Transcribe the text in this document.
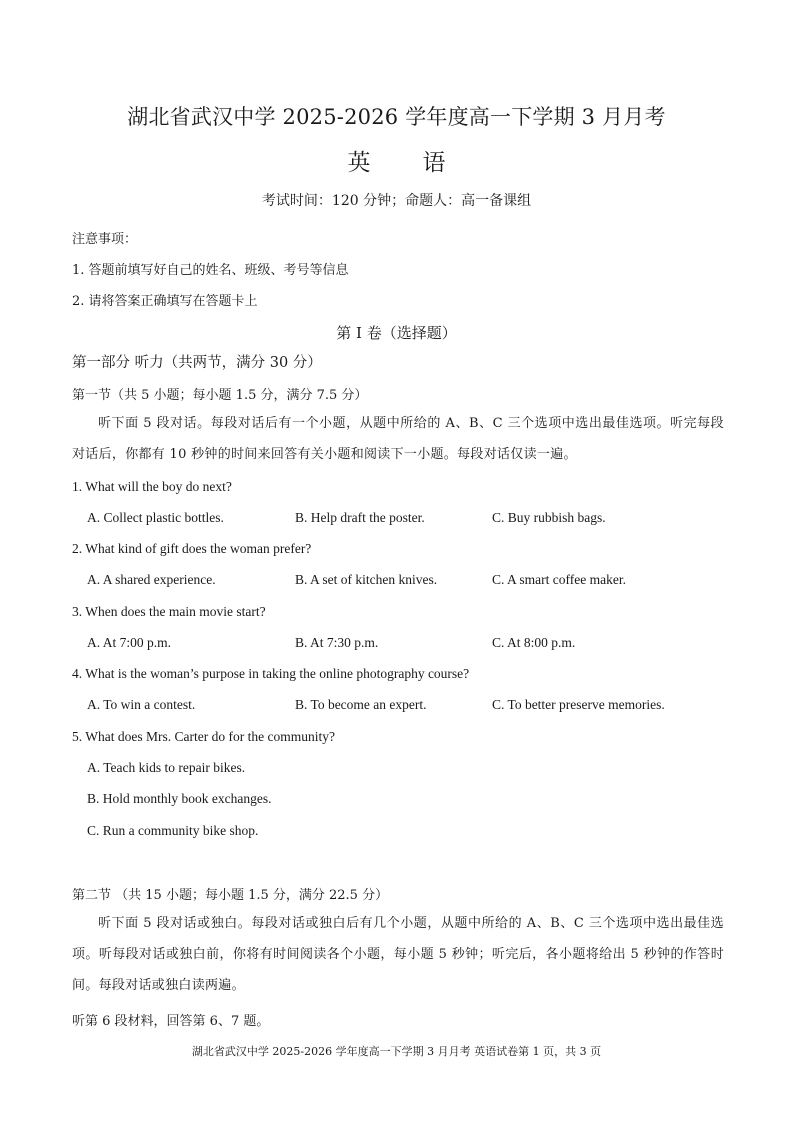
湖北省武汉中学 2025-2026 学年度高一下学期 3 月月考
英 语
考试时间：120 分钟；命题人：高一备课组
注意事项：
1. 答题前填写好自己的姓名、班级、考号等信息
2. 请将答案正确填写在答题卡上
第 I 卷（选择题）
第一部分 听力（共两节，满分 30 分）
第一节（共 5 小题；每小题 1.5 分，满分 7.5 分）
听下面 5 段对话。每段对话后有一个小题，从题中所给的 A、B、C 三个选项中选出最佳选项。听完每段对话后，你都有 10 秒钟的时间来回答有关小题和阅读下一小题。每段对话仅读一遍。
1. What will the boy do next?
A. Collect plastic bottles.	B. Help draft the poster.	C. Buy rubbish bags.
2. What kind of gift does the woman prefer?
A. A shared experience.	B. A set of kitchen knives.	C. A smart coffee maker.
3. When does the main movie start?
A. At 7:00 p.m.	B. At 7:30 p.m.	C. At 8:00 p.m.
4. What is the woman’s purpose in taking the online photography course?
A. To win a contest.	B. To become an expert.	C. To better preserve memories.
5. What does Mrs. Carter do for the community?
A. Teach kids to repair bikes.
B. Hold monthly book exchanges.
C. Run a community bike shop.
第二节 （共 15 小题；每小题 1.5 分，满分 22.5 分）
听下面 5 段对话或独白。每段对话或独白后有几个小题，从题中所给的 A、B、C 三个选项中选出最佳选项。听每段对话或独白前，你将有时间阅读各个小题，每小题 5 秒钟；听完后，各小题将给出 5 秒钟的作答时间。每段对话或独白读两遍。
听第 6 段材料，回答第 6、7 题。
湖北省武汉中学 2025-2026 学年度高一下学期 3 月月考 英语试卷第 1 页，共 3 页
